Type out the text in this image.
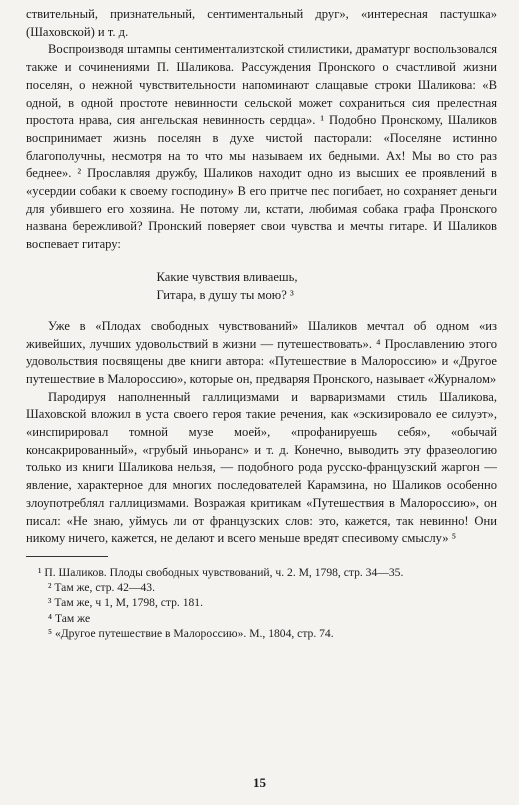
ствительный, признательный, сентиментальный друг», «интересная пастушка» (Шаховской) и т. д.

Воспроизводя штампы сентиментализтской стилистики, драматург воспользовался также и сочинениями П. Шаликова. Рассуждения Пронского о счастливой жизни поселян, о нежной чувствительности напоминают слащавые строки Шаликова: «В одной, в одной простоте невинности сельской может сохраниться сия прелестная простота нрава, сия ангельская невинность сердца». ¹ Подобно Пронскому, Шаликов воспринимает жизнь поселян в духе чистой пасторали: «Поселяне истинно благополучны, несмотря на то что мы называем их бедными. Ах! Мы во сто раз беднее». ² Прославляя дружбу, Шаликов находит одно из высших ее проявлений в «усердии собаки к своему господину» В его притче пес погибает, но сохраняет деньги для убившего его хозяина. Не потому ли, кстати, любимая собака графа Пронского названа бережливой? Пронский поверяет свои чувства и мечты гитаре. И Шаликов воспевает гитару:

Какие чувствия вливаешь,
Гитара, в душу ты мою? ³

Уже в «Плодах свободных чувствований» Шаликов мечтал об одном «из живейших, лучших удовольствий в жизни — путешествовать». ⁴ Прославлению этого удовольствия посвящены две книги автора: «Путешествие в Малороссию» и «Другое путешествие в Малороссию», которые он, предваряя Пронского, называет «Журналом»

Пародируя наполненный галлицизмами и варваризмами стиль Шаликова, Шаховской вложил в уста своего героя такие речения, как «эскизировало ее силуэт», «инспирировал томной музе моей», «профанируешь себя», «обычай консакрированный», «грубый иньоранс» и т. д. Конечно, выводить эту фразеологию только из книги Шаликова нельзя, — подобного рода русско-французский жаргон — явление, характерное для многих последователей Карамзина, но Шаликов особенно злоупотреблял галлицизмами. Возражая критикам «Путешествия в Малороссию», он писал: «Не знаю, уймусь ли от французских слов: это, кажется, так невинно! Они никому ничего, кажется, не делают и всего меньше вредят спесивому смыслу» ⁵

¹ П. Шаликов. Плоды свободных чувствований, ч. 2. М, 1798, стр. 34—35.

² Там же, стр. 42—43.

³ Там же, ч 1, М, 1798, стр. 181.

⁴ Там же

⁵ «Другое путешествие в Малороссию». М., 1804, стр. 74.

15
